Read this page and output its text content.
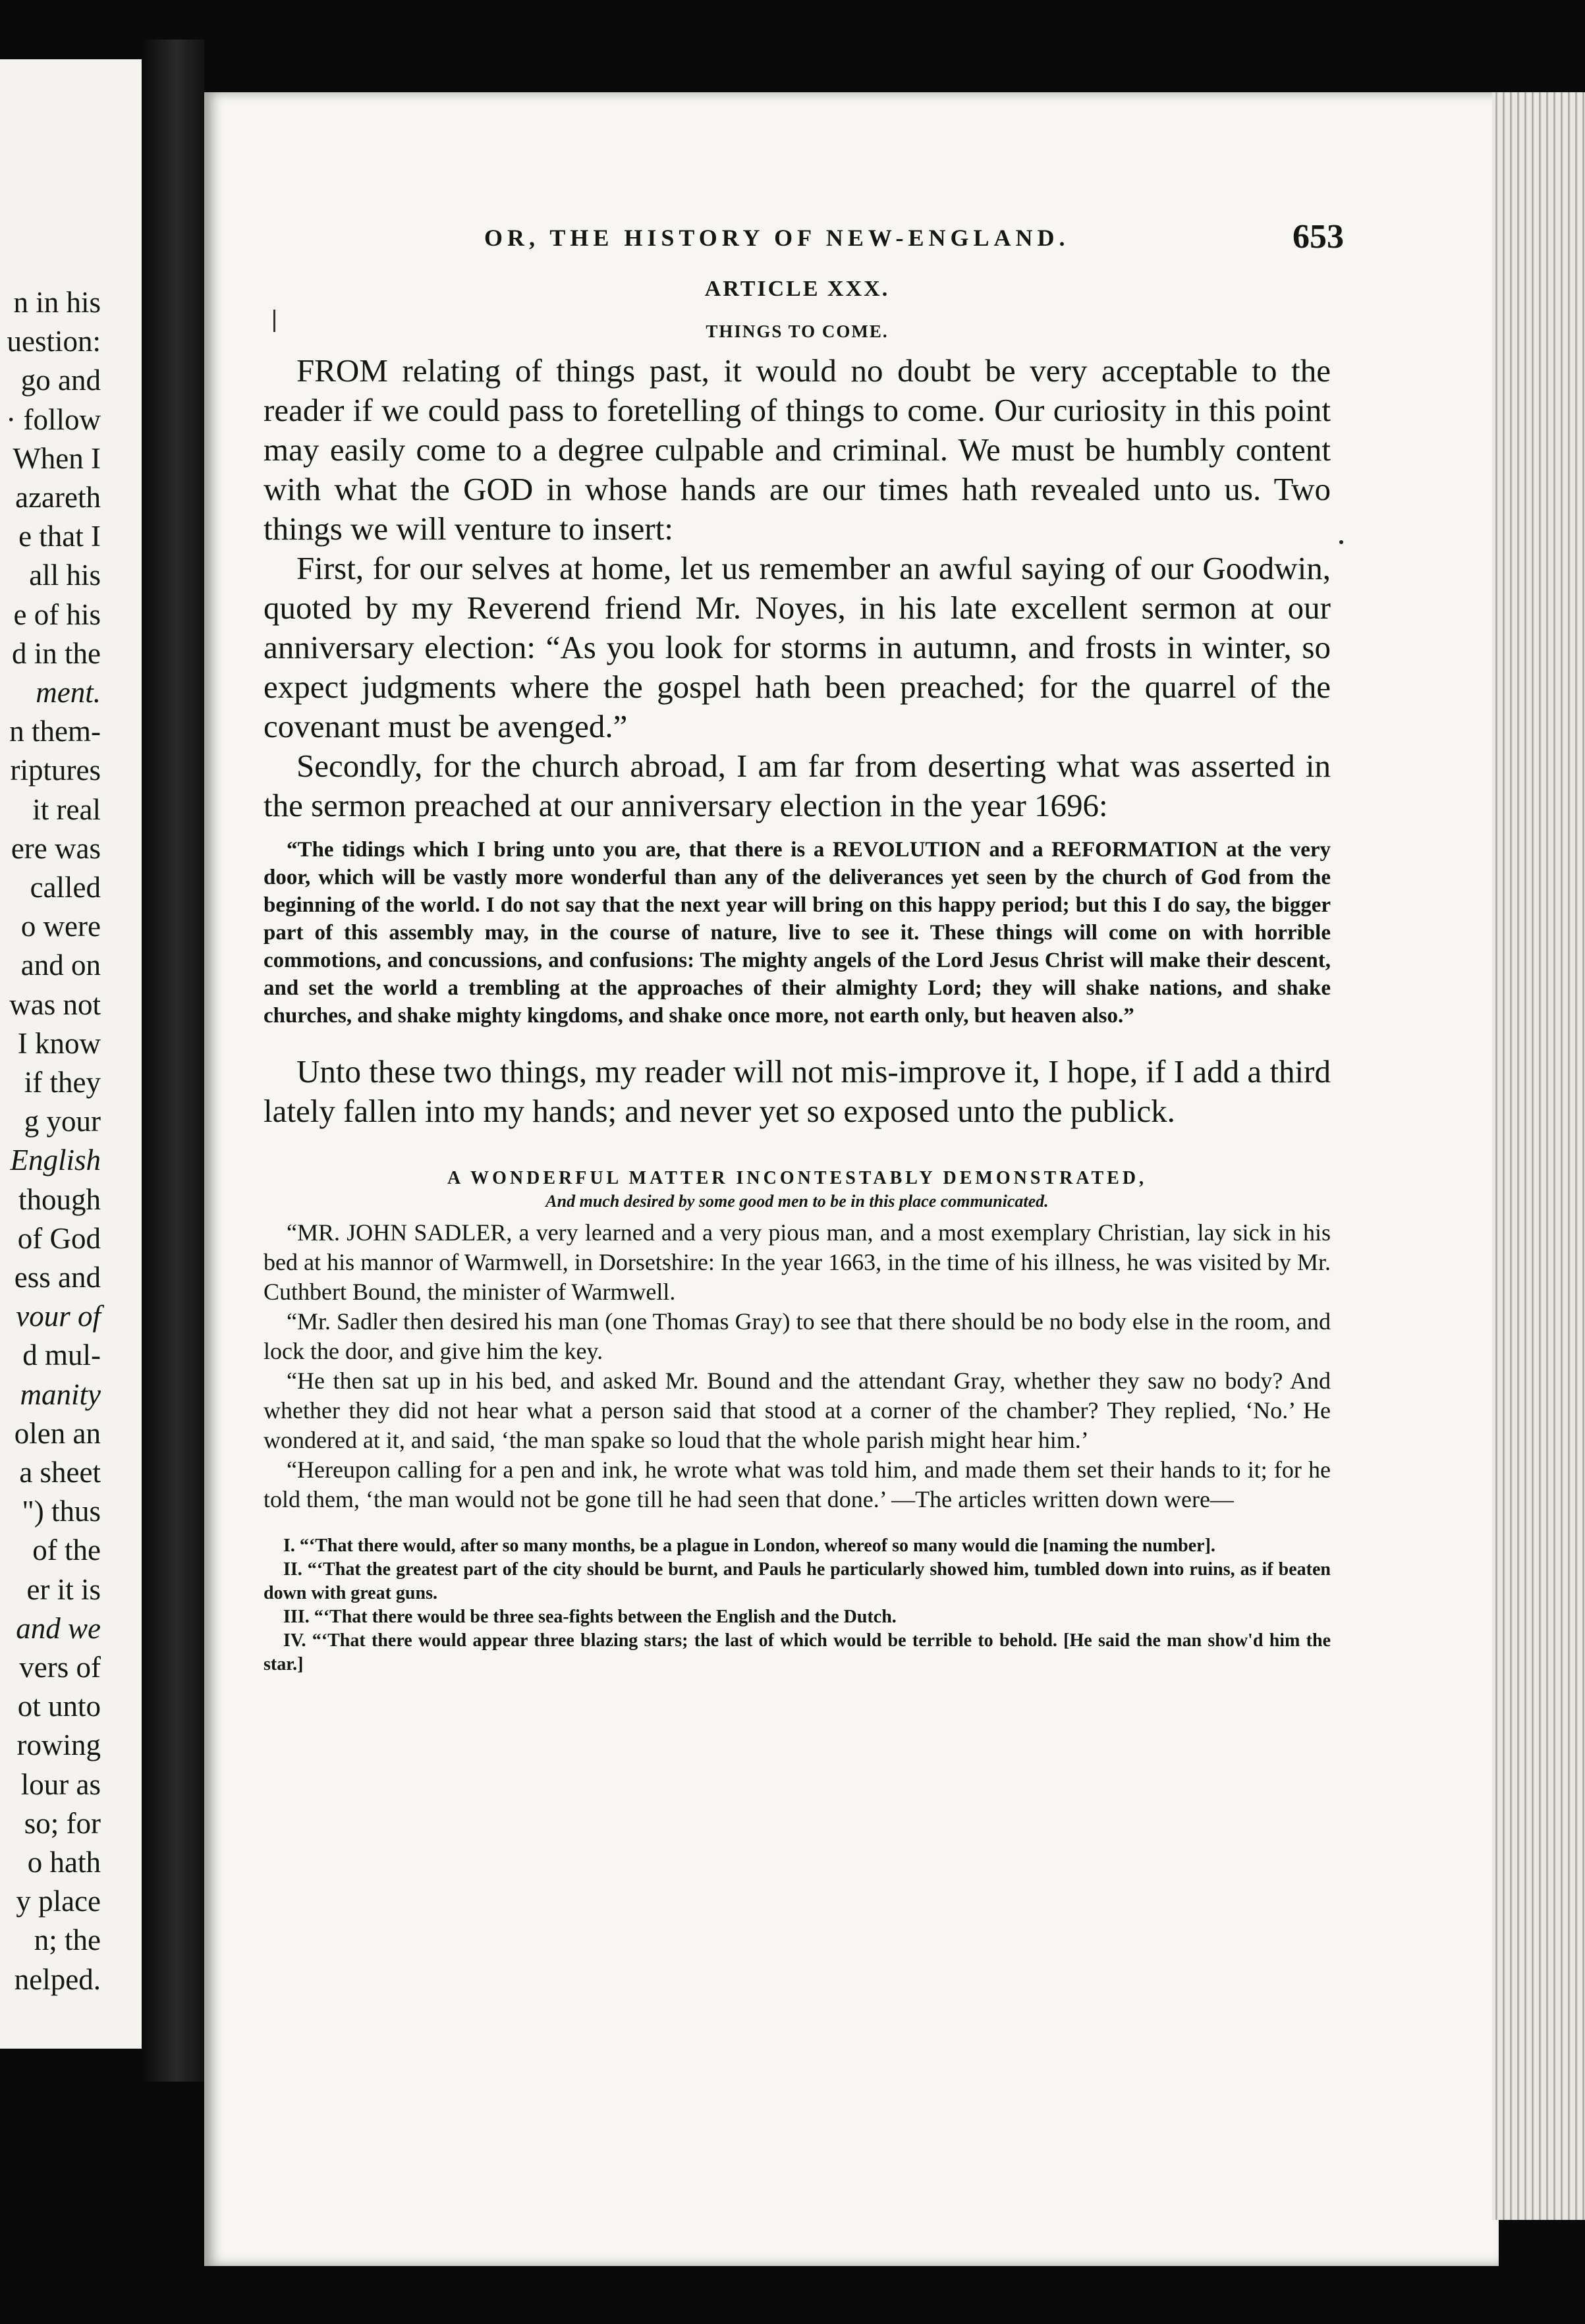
n in his
uestion:
go and
· follow
When I
azareth
e that I
all his
e of his
d in the
ment.
n them-
riptures
it real
ere was
called
o were
and on
was not
I know
if they
g your
English
though
of God
ess and
vour of
d mul-
manity
olen an
a sheet
") thus
of the
er it is
and we
vers of
ot unto
rowing
lour as
so; for
o hath
y place
n; the
nelped.
OR, THE HISTORY OF NEW-ENGLAND.	653
ARTICLE XXX.
THINGS TO COME.

FROM relating of things past, it would no doubt be very acceptable to the reader if we could pass to foretelling of things to come. Our curiosity in this point may easily come to a degree culpable and criminal. We must be humbly content with what the GOD in whose hands are our times hath revealed unto us. Two things we will venture to insert:

First, for our selves at home, let us remember an awful saying of our Goodwin, quoted by my Reverend friend Mr. Noyes, in his late excellent sermon at our anniversary election: “As you look for storms in autumn, and frosts in winter, so expect judgments where the gospel hath been preached; for the quarrel of the covenant must be avenged.”

Secondly, for the church abroad, I am far from deserting what was asserted in the sermon preached at our anniversary election in the year 1696:

“The tidings which I bring unto you are, that there is a REVOLUTION and a REFORMATION at the very door, which will be vastly more wonderful than any of the deliverances yet seen by the church of God from the beginning of the world. I do not say that the next year will bring on this happy period; but this I do say, the bigger part of this assembly may, in the course of nature, live to see it. These things will come on with horrible commotions, and concussions, and confusions: The mighty angels of the Lord Jesus Christ will make their descent, and set the world a trembling at the approaches of their almighty Lord; they will shake nations, and shake churches, and shake mighty kingdoms, and shake once more, not earth only, but heaven also.”

Unto these two things, my reader will not mis-improve it, I hope, if I add a third lately fallen into my hands; and never yet so exposed unto the publick.

A WONDERFUL MATTER INCONTESTABLY DEMONSTRATED,
And much desired by some good men to be in this place communicated.

“MR. JOHN SADLER, a very learned and a very pious man, and a most exemplary Christian, lay sick in his bed at his mannor of Warmwell, in Dorsetshire: In the year 1663, in the time of his illness, he was visited by Mr. Cuthbert Bound, the minister of Warmwell.

“Mr. Sadler then desired his man (one Thomas Gray) to see that there should be no body else in the room, and lock the door, and give him the key.

“He then sat up in his bed, and asked Mr. Bound and the attendant Gray, whether they saw no body? And whether they did not hear what a person said that stood at a corner of the chamber? They replied, ‘No.’ He wondered at it, and said, ‘the man spake so loud that the whole parish might hear him.’

“Hereupon calling for a pen and ink, he wrote what was told him, and made them set their hands to it; for he told them, ‘the man would not be gone till he had seen that done.’ —The articles written down were—

I. “‘That there would, after so many months, be a plague in London, whereof so many would die [naming the number].

II. “‘That the greatest part of the city should be burnt, and Pauls he particularly showed him, tumbled down into ruins, as if beaten down with great guns.

III. “‘That there would be three sea-fights between the English and the Dutch.

IV. “‘That there would appear three blazing stars; the last of which would be terrible to behold. [He said the man show'd him the star.]
